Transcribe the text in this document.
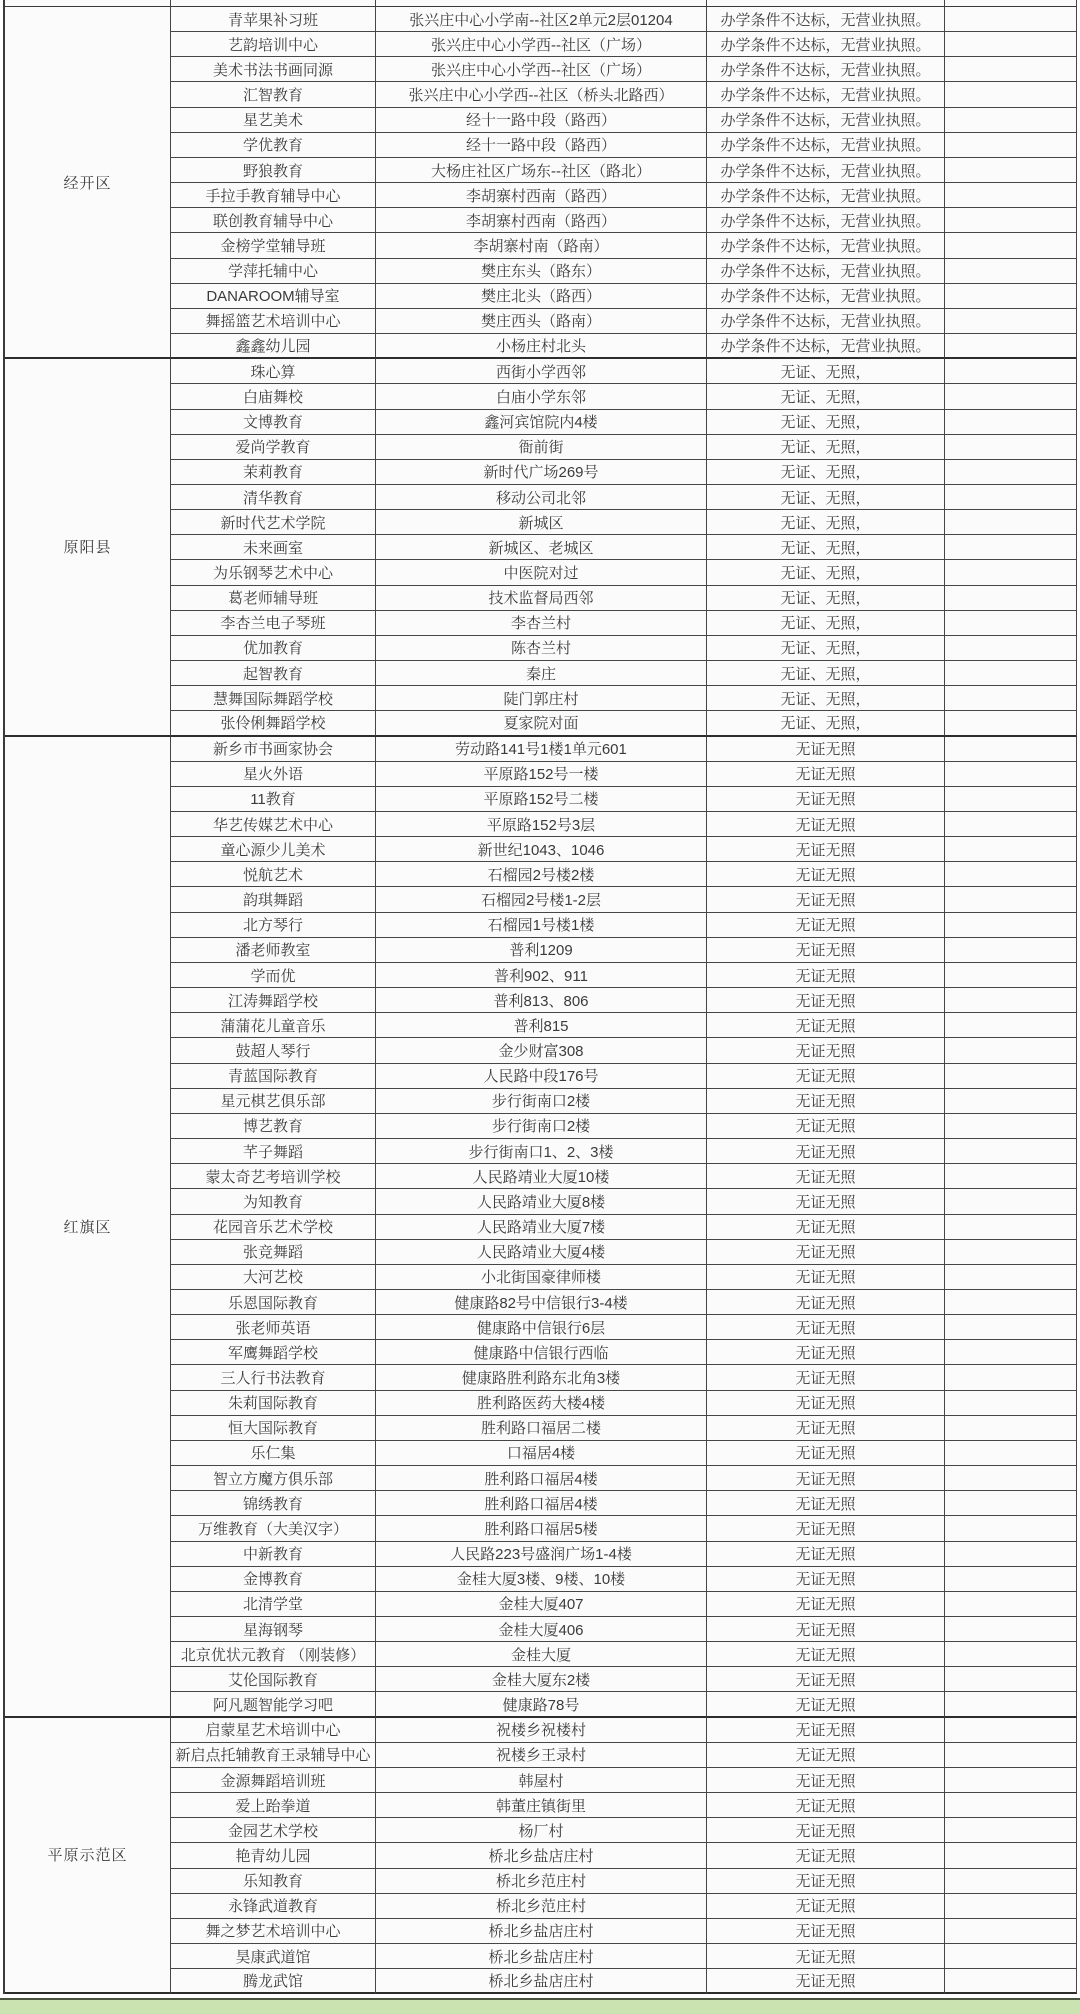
经开区
青苹果补习班	张兴庄中心小学南--社区2单元2层01204	办学条件不达标，无营业执照。
艺韵培训中心	张兴庄中心小学西--社区（广场）	办学条件不达标，无营业执照。
美术书法书画同源	张兴庄中心小学西--社区（广场）	办学条件不达标，无营业执照。
汇智教育	张兴庄中心小学西--社区（桥头北路西）	办学条件不达标，无营业执照。
星艺美术	经十一路中段（路西）	办学条件不达标，无营业执照。
学优教育	经十一路中段（路西）	办学条件不达标，无营业执照。
野狼教育	大杨庄社区广场东--社区（路北）	办学条件不达标，无营业执照。
手拉手教育辅导中心	李胡寨村西南（路西）	办学条件不达标，无营业执照。
联创教育辅导中心	李胡寨村西南（路西）	办学条件不达标，无营业执照。
金榜学堂辅导班	李胡寨村南（路南）	办学条件不达标，无营业执照。
学萍托辅中心	樊庄东头（路东）	办学条件不达标，无营业执照。
DANAROOM辅导室	樊庄北头（路西）	办学条件不达标，无营业执照。
舞摇篮艺术培训中心	樊庄西头（路南）	办学条件不达标，无营业执照。
鑫鑫幼儿园	小杨庄村北头	办学条件不达标，无营业执照。
原阳县
珠心算	西街小学西邻	无证、无照，
白庙舞校	白庙小学东邻	无证、无照，
文博教育	鑫河宾馆院内4楼	无证、无照，
爱尚学教育	衙前街	无证、无照，
茉莉教育	新时代广场269号	无证、无照，
清华教育	移动公司北邻	无证、无照，
新时代艺术学院	新城区	无证、无照，
未来画室	新城区、老城区	无证、无照，
为乐钢琴艺术中心	中医院对过	无证、无照，
葛老师辅导班	技术监督局西邻	无证、无照，
李杏兰电子琴班	李杏兰村	无证、无照，
优加教育	陈杏兰村	无证、无照，
起智教育	秦庄	无证、无照，
慧舞国际舞蹈学校	陡门郭庄村	无证、无照，
张伶俐舞蹈学校	夏家院对面	无证、无照，
红旗区
新乡市书画家协会	劳动路141号1楼1单元601	无证无照
星火外语	平原路152号一楼	无证无照
11教育	平原路152号二楼	无证无照
华艺传媒艺术中心	平原路152号3层	无证无照
童心源少儿美术	新世纪1043、1046	无证无照
悦航艺术	石榴园2号楼2楼	无证无照
韵琪舞蹈	石榴园2号楼1-2层	无证无照
北方琴行	石榴园1号楼1楼	无证无照
潘老师教室	普利1209	无证无照
学而优	普利902、911	无证无照
江涛舞蹈学校	普利813、806	无证无照
蒲蒲花儿童音乐	普利815	无证无照
鼓超人琴行	金少财富308	无证无照
青蓝国际教育	人民路中段176号	无证无照
星元棋艺俱乐部	步行街南口2楼	无证无照
博艺教育	步行街南口2楼	无证无照
芊子舞蹈	步行街南口1、2、3楼	无证无照
蒙太奇艺考培训学校	人民路靖业大厦10楼	无证无照
为知教育	人民路靖业大厦8楼	无证无照
花园音乐艺术学校	人民路靖业大厦7楼	无证无照
张竞舞蹈	人民路靖业大厦4楼	无证无照
大河艺校	小北街国豪律师楼	无证无照
乐恩国际教育	健康路82号中信银行3-4楼	无证无照
张老师英语	健康路中信银行6层	无证无照
军鹰舞蹈学校	健康路中信银行西临	无证无照
三人行书法教育	健康路胜利路东北角3楼	无证无照
朱莉国际教育	胜利路医药大楼4楼	无证无照
恒大国际教育	胜利路口福居二楼	无证无照
乐仁集	口福居4楼	无证无照
智立方魔方俱乐部	胜利路口福居4楼	无证无照
锦绣教育	胜利路口福居4楼	无证无照
万维教育（大美汉字）	胜利路口福居5楼	无证无照
中新教育	人民路223号盛润广场1-4楼	无证无照
金博教育	金桂大厦3楼、9楼、10楼	无证无照
北清学堂	金桂大厦407	无证无照
星海钢琴	金桂大厦406	无证无照
北京优状元教育 （刚装修）	金桂大厦	无证无照
艾伦国际教育	金桂大厦东2楼	无证无照
阿凡题智能学习吧	健康路78号	无证无照
平原示范区
启蒙星艺术培训中心	祝楼乡祝楼村	无证无照
新启点托辅教育王录辅导中心	祝楼乡王录村	无证无照
金源舞蹈培训班	韩屋村	无证无照
爱上跆拳道	韩董庄镇街里	无证无照
金园艺术学校	杨厂村	无证无照
艳青幼儿园	桥北乡盐店庄村	无证无照
乐知教育	桥北乡范庄村	无证无照
永锋武道教育	桥北乡范庄村	无证无照
舞之梦艺术培训中心	桥北乡盐店庄村	无证无照
昊康武道馆	桥北乡盐店庄村	无证无照
腾龙武馆	桥北乡盐店庄村	无证无照
